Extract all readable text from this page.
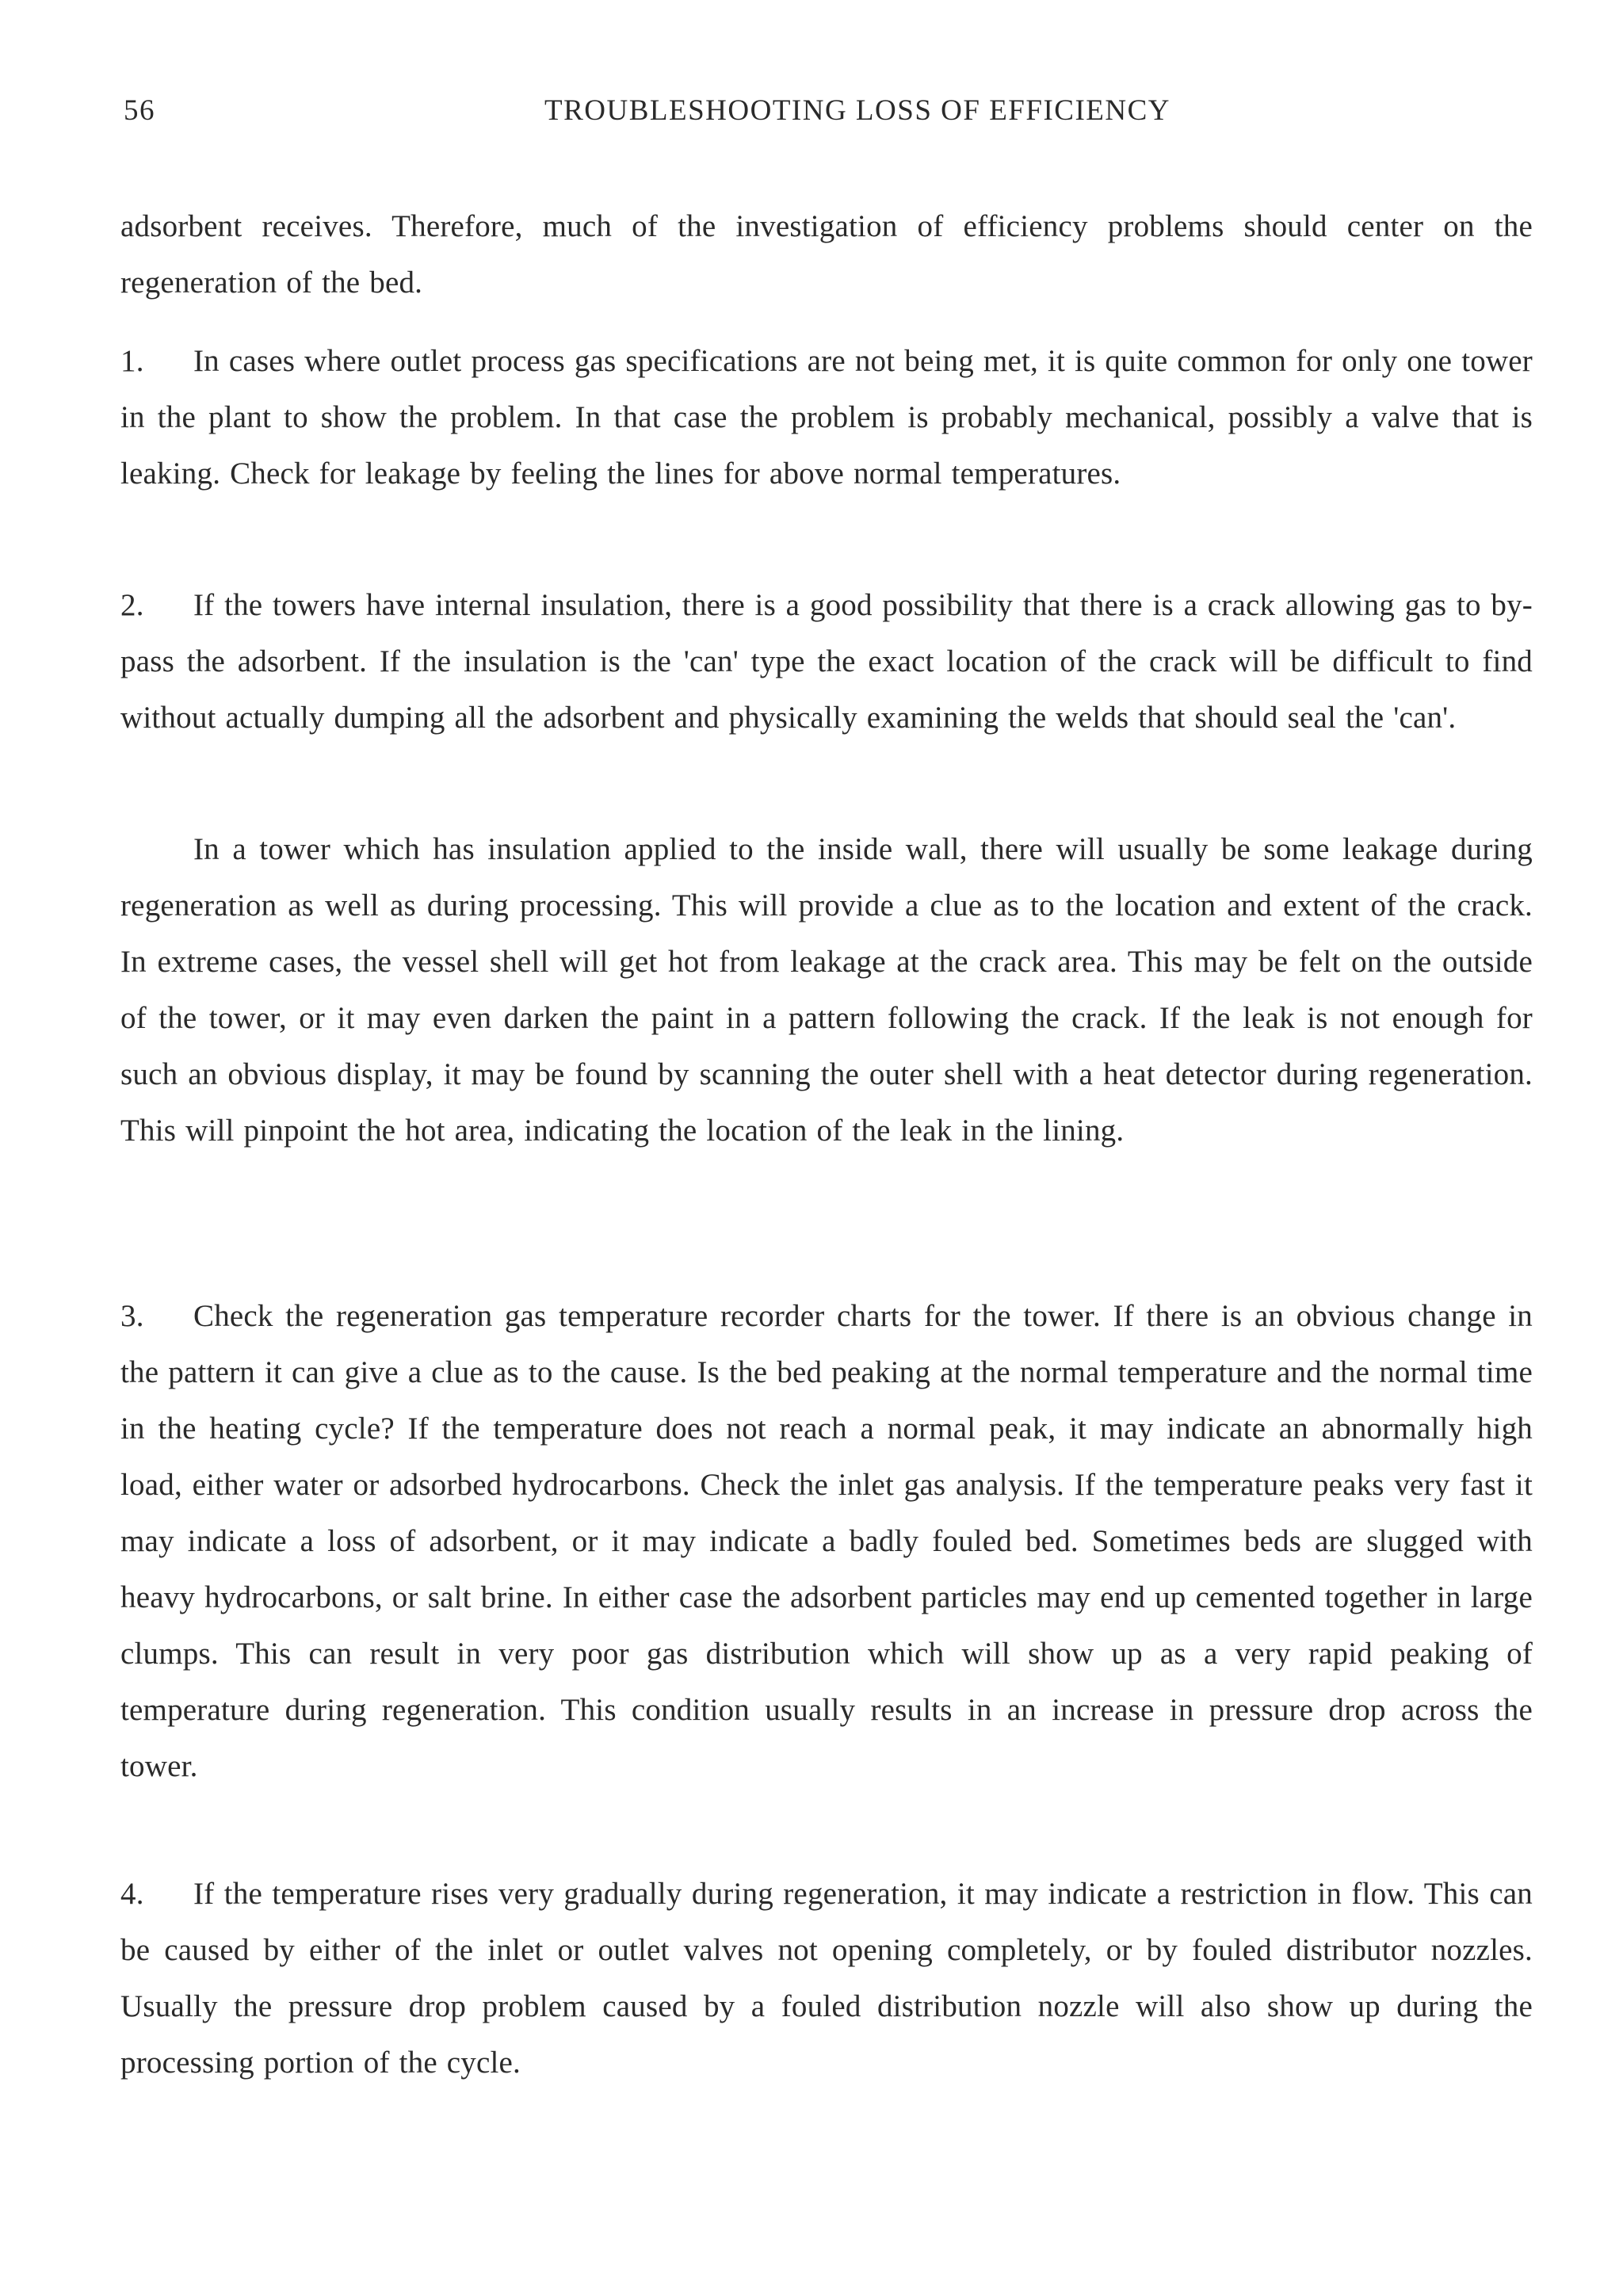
56	TROUBLESHOOTING LOSS OF EFFICIENCY

adsorbent receives. Therefore, much of the investigation of efficiency problems should center on the regeneration of the bed.

1. In cases where outlet process gas specifications are not being met, it is quite common for only one tower in the plant to show the problem. In that case the problem is probably mechanical, possibly a valve that is leaking. Check for leakage by feeling the lines for above normal temperatures.

2. If the towers have internal insulation, there is a good possibility that there is a crack allowing gas to by-pass the adsorbent. If the insulation is the 'can' type the exact location of the crack will be difficult to find without actually dumping all the adsorbent and physically examining the welds that should seal the 'can'.

In a tower which has insulation applied to the inside wall, there will usually be some leakage during regeneration as well as during processing. This will provide a clue as to the location and extent of the crack. In extreme cases, the vessel shell will get hot from leakage at the crack area. This may be felt on the outside of the tower, or it may even darken the paint in a pattern following the crack. If the leak is not enough for such an obvious display, it may be found by scanning the outer shell with a heat detector during regeneration. This will pinpoint the hot area, indicating the location of the leak in the lining.

3. Check the regeneration gas temperature recorder charts for the tower. If there is an obvious change in the pattern it can give a clue as to the cause. Is the bed peaking at the normal temperature and the normal time in the heating cycle? If the temperature does not reach a normal peak, it may indicate an abnormally high load, either water or adsorbed hydrocarbons. Check the inlet gas analysis. If the temperature peaks very fast it may indicate a loss of adsorbent, or it may indicate a badly fouled bed. Sometimes beds are slugged with heavy hydrocarbons, or salt brine. In either case the adsorbent particles may end up cemented together in large clumps. This can result in very poor gas distribution which will show up as a very rapid peaking of temperature during regeneration. This condition usually results in an increase in pressure drop across the tower.

4. If the temperature rises very gradually during regeneration, it may indicate a restriction in flow. This can be caused by either of the inlet or outlet valves not opening completely, or by fouled distributor nozzles. Usually the pressure drop problem caused by a fouled distribution nozzle will also show up during the processing portion of the cycle.
